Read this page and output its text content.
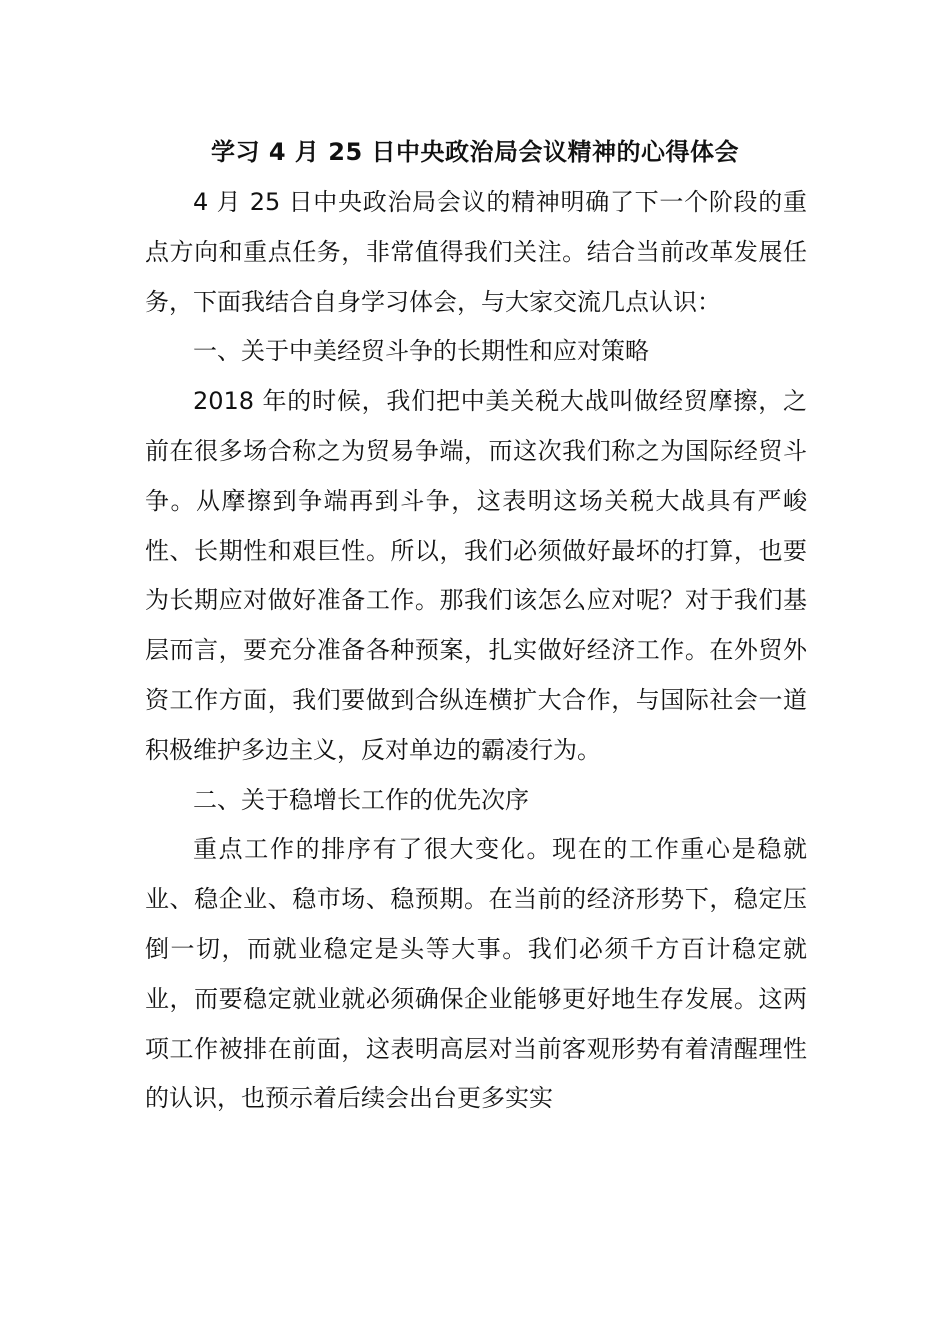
学习 4 月 25 日中央政治局会议精神的心得体会

4 月 25 日中央政治局会议的精神明确了下一个阶段的重点方向和重点任务，非常值得我们关注。结合当前改革发展任务，下面我结合自身学习体会，与大家交流几点认识：

一、关于中美经贸斗争的长期性和应对策略

2018 年的时候，我们把中美关税大战叫做经贸摩擦，之前在很多场合称之为贸易争端，而这次我们称之为国际经贸斗争。从摩擦到争端再到斗争，这表明这场关税大战具有严峻性、长期性和艰巨性。所以，我们必须做好最坏的打算，也要为长期应对做好准备工作。那我们该怎么应对呢？对于我们基层而言，要充分准备各种预案，扎实做好经济工作。在外贸外资工作方面，我们要做到合纵连横扩大合作，与国际社会一道积极维护多边主义，反对单边的霸凌行为。

二、关于稳增长工作的优先次序

重点工作的排序有了很大变化。现在的工作重心是稳就业、稳企业、稳市场、稳预期。在当前的经济形势下，稳定压倒一切，而就业稳定是头等大事。我们必须千方百计稳定就业，而要稳定就业就必须确保企业能够更好地生存发展。这两项工作被排在前面，这表明高层对当前客观形势有着清醒理性的认识，也预示着后续会出台更多实实
